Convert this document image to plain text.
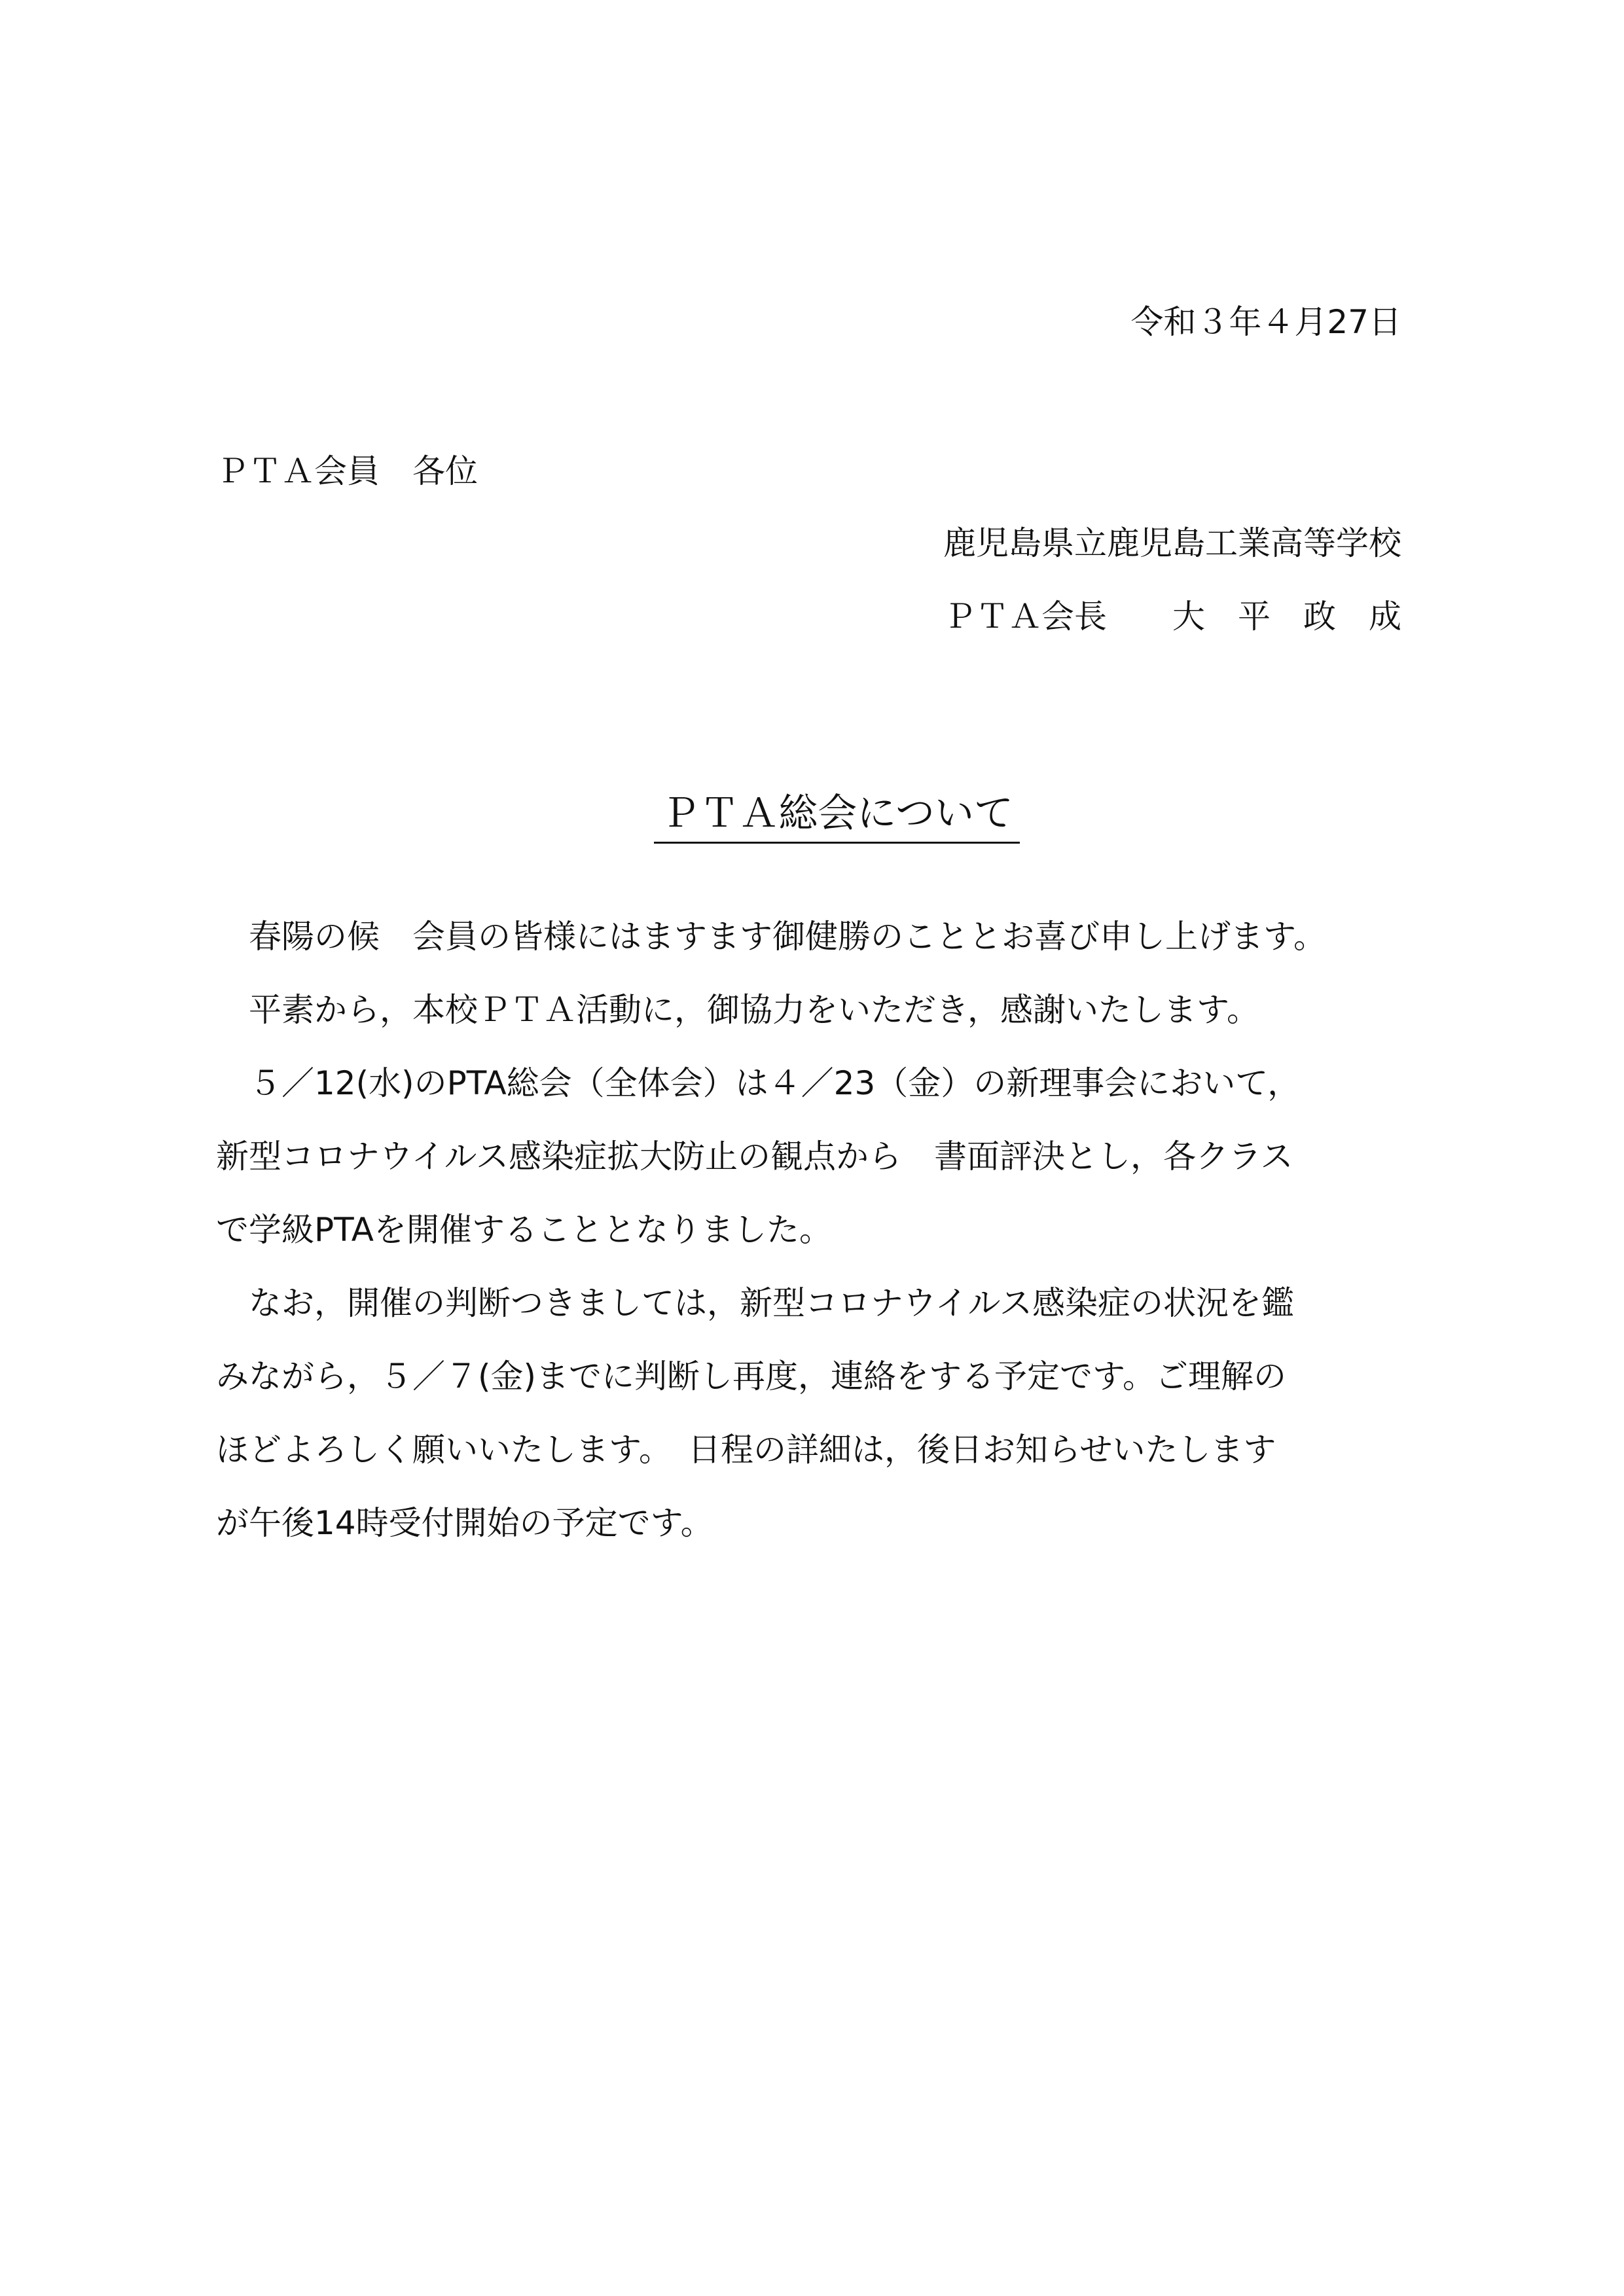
令和３年４月27日
ＰＴＡ会員　各位
鹿児島県立鹿児島工業高等学校
ＰＴＡ会長　　大　平　政　成

ＰＴＡ総会について

　春陽の候　会員の皆様にはますます御健勝のこととお喜び申し上げます。
　平素から，本校ＰＴＡ活動に，御協力をいただき，感謝いたします。
　５／12(水)のPTA総会（全体会）は４／23（金）の新理事会において，
新型コロナウイルス感染症拡大防止の観点から　書面評決とし，各クラス
で学級PTAを開催することとなりました。
　なお，開催の判断つきましては，新型コロナウイルス感染症の状況を鑑
みながら，５／７(金)までに判断し再度，連絡をする予定です。ご理解の
ほどよろしく願いいたします。　日程の詳細は，後日お知らせいたします
が午後14時受付開始の予定です。
